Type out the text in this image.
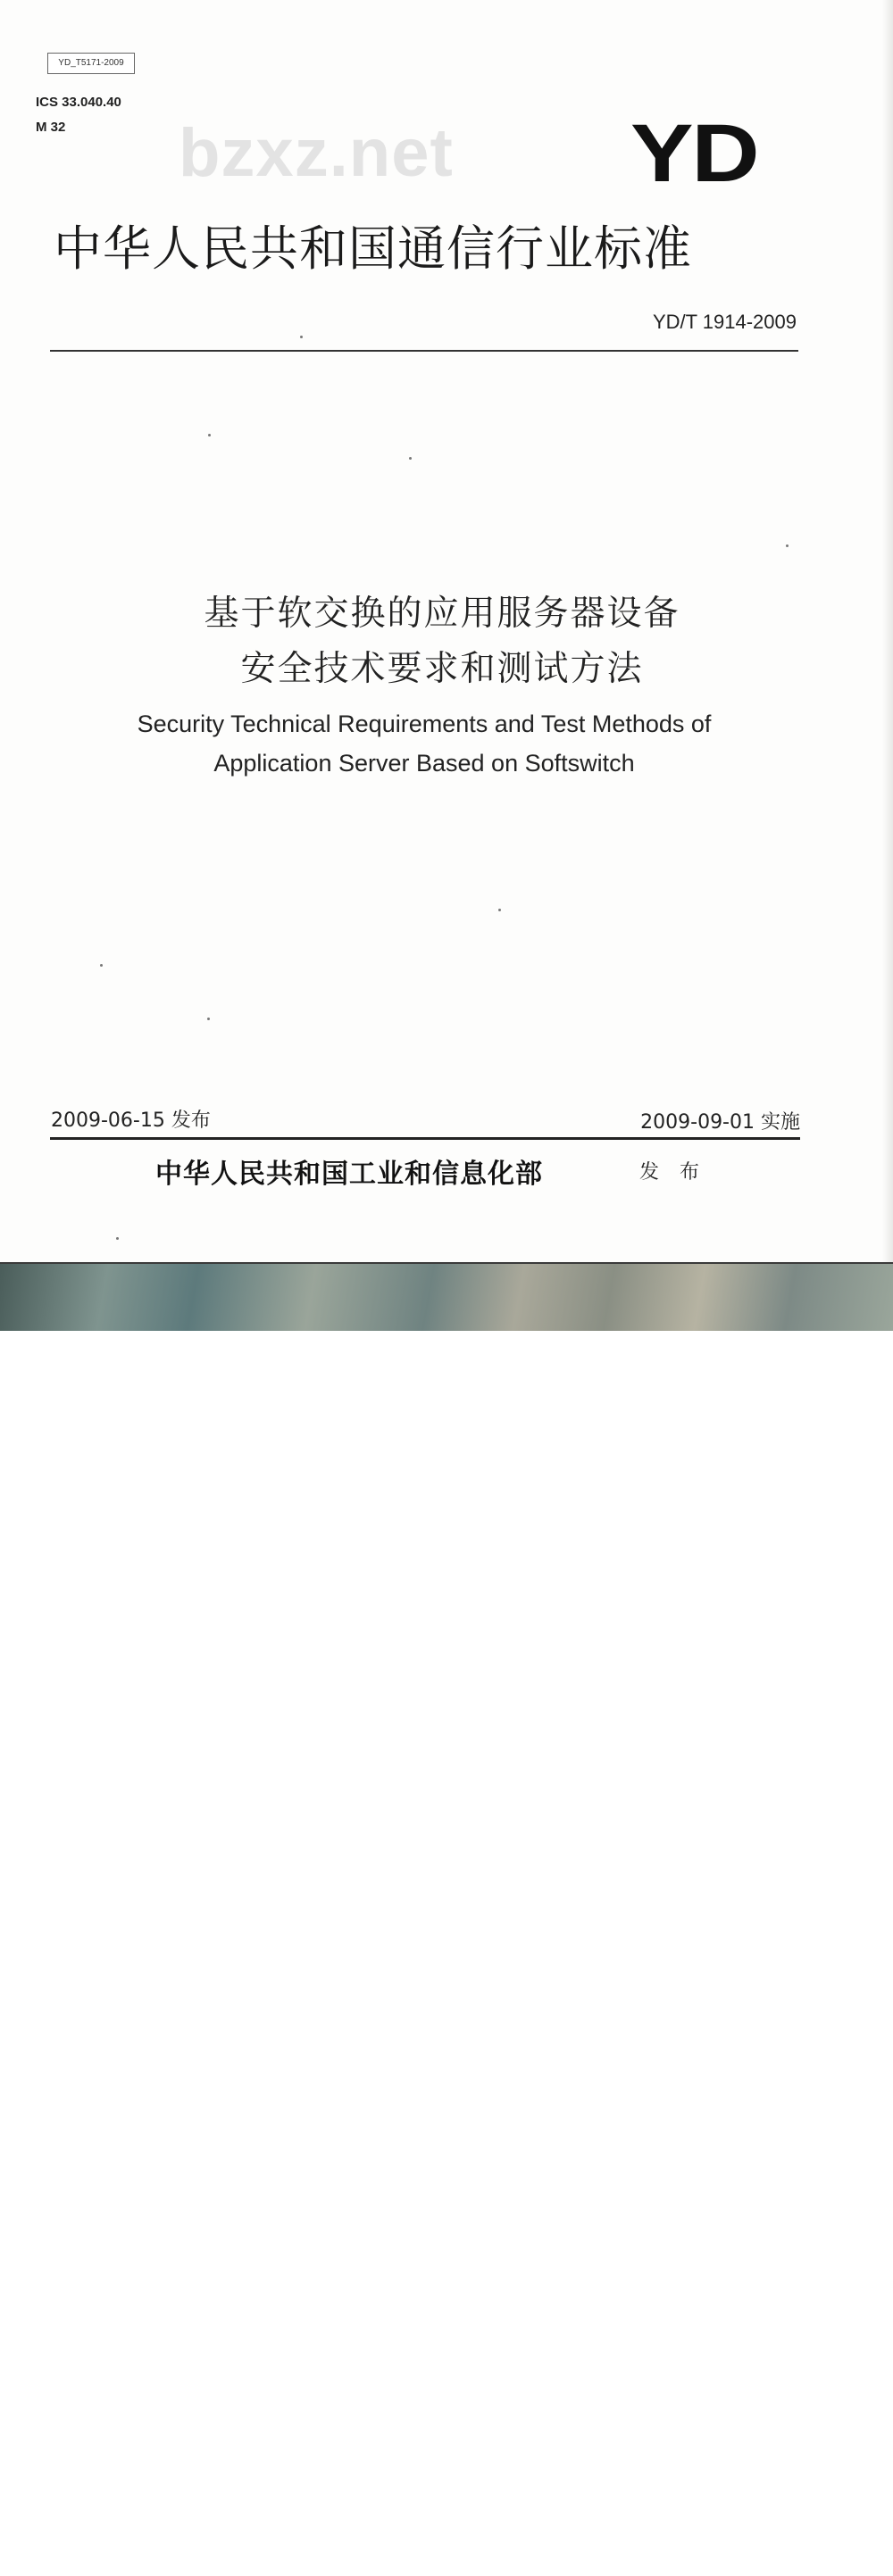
YD_T5171-2009
ICS 33.040.40
M 32 bzxz.net YD
中华人民共和国通信行业标准
YD/T 1914-2009
基于软交换的应用服务器设备
安全技术要求和测试方法
Security Technical Requirements and Test Methods of
Application Server Based on Softswitch
2009-06-15 发布	2009-09-01 实施
中华人民共和国工业和信息化部	发 布
ot.jpg
